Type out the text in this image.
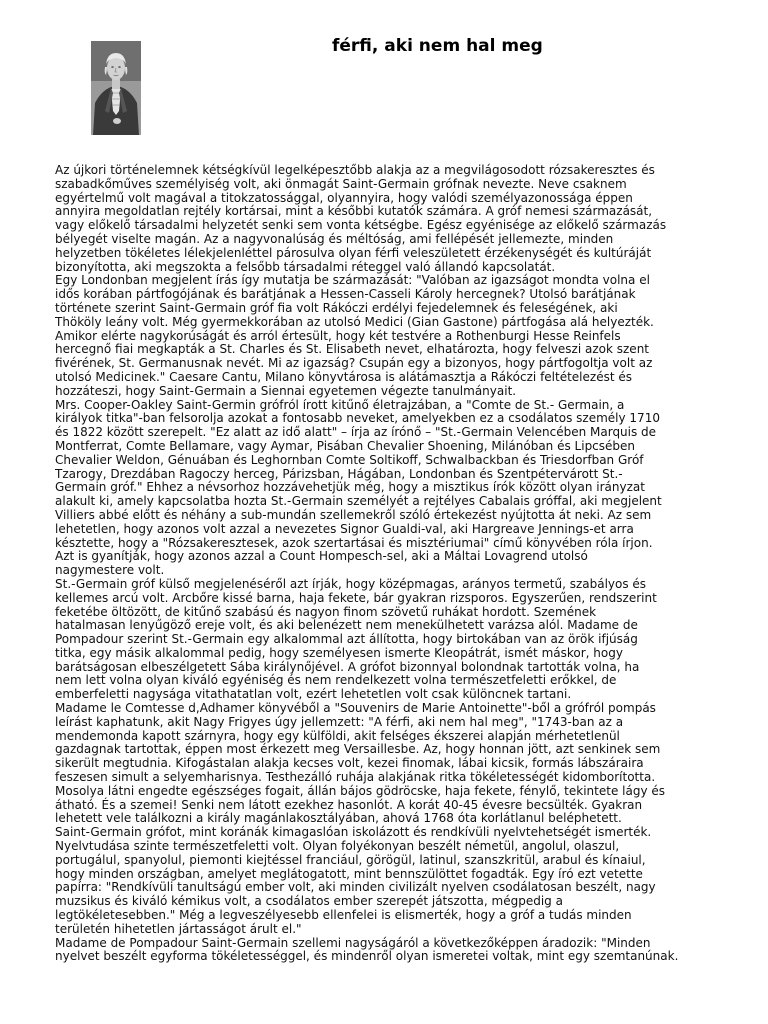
férfi, aki nem hal meg

Az újkori történelemnek kétségkívül legelképesztőbb alakja az a megvilágosodott rózsakeresztes és
szabadkőműves személyiség volt, aki önmagát Saint-Germain grófnak nevezte. Neve csaknem
egyértelmű volt magával a titokzatossággal, olyannyira, hogy valódi személyazonossága éppen
annyira megoldatlan rejtély kortársai, mint a későbbi kutatók számára. A gróf nemesi származását,
vagy előkelő társadalmi helyzetét senki sem vonta kétségbe. Egész egyénisége az előkelő származás
bélyegét viselte magán. Az a nagyvonalúság és méltóság, ami fellépését jellemezte, minden
helyzetben tökéletes lélekjelenléttel párosulva olyan férfi veleszületett érzékenységét és kultúráját
bizonyította, aki megszokta a felsőbb társadalmi réteggel való állandó kapcsolatát.

Egy Londonban megjelent írás így mutatja be származását: "Valóban az igazságot mondta volna el
idős korában pártfogójának és barátjának a Hessen-Casseli Károly hercegnek? Utolsó barátjának
története szerint Saint-Germain gróf fia volt Rákóczi erdélyi fejedelemnek és feleségének, aki
Thököly leány volt. Még gyermekkorában az utolsó Medici (Gian Gastone) pártfogása alá helyezték.
Amikor elérte nagykorúságát és arról értesült, hogy két testvére a Rothenburgi Hesse Reinfels
hercegnő fiai megkapták a St. Charles és St. Elisabeth nevet, elhatározta, hogy felveszi azok szent
fivérének, St. Germanusnak nevét. Mi az igazság? Csupán egy a bizonyos, hogy pártfogoltja volt az
utolsó Medicinek." Caesare Cantu, Milano könyvtárosa is alátámasztja a Rákóczi feltételezést és
hozzáteszi, hogy Saint-Germain a Siennai egyetemen végezte tanulmányait.

Mrs. Cooper-Oakley Saint-Germin grófról írott kitűnő életrajzában, a "Comte de St.- Germain, a
királyok titka"-ban felsorolja azokat a fontosabb neveket, amelyekben ez a csodálatos személy 1710
és 1822 között szerepelt. "Ez alatt az idő alatt" – írja az írónő – "St.-Germain Velencében Marquis de
Montferrat, Comte Bellamare, vagy Aymar, Pisában Chevalier Shoening, Milánóban és Lipcsében
Chevalier Weldon, Génuában és Leghornban Comte Soltikoff, Schwalbackban és Triesdorfban Gróf
Tzarogy, Drezdában Ragoczy herceg, Párizsban, Hágában, Londonban és Szentpétervárott St.-
Germain gróf." Ehhez a névsorhoz hozzávehetjük még, hogy a misztikus írók között olyan irányzat
alakult ki, amely kapcsolatba hozta St.-Germain személyét a rejtélyes Cabalais gróffal, aki megjelent
Villiers abbé előtt és néhány a sub-mundán szellemekről szóló értekezést nyújtotta át neki. Az sem
lehetetlen, hogy azonos volt azzal a nevezetes Signor Gualdi-val, aki Hargreave Jennings-et arra
késztette, hogy a "Rózsakeresztesek, azok szertartásai és misztériumai" című könyvében róla írjon.
Azt is gyanítják, hogy azonos azzal a Count Hompesch-sel, aki a Máltai Lovagrend utolsó
nagymestere volt.

St.-Germain gróf külső megjelenéséről azt írják, hogy középmagas, arányos termetű, szabályos és
kellemes arcú volt. Arcbőre kissé barna, haja fekete, bár gyakran rizsporos. Egyszerűen, rendszerint
feketébe öltözött, de kitűnő szabású és nagyon finom szövetű ruhákat hordott. Szemének
hatalmasan lenyűgöző ereje volt, és aki belenézett nem menekülhetett varázsa alól. Madame de
Pompadour szerint St.-Germain egy alkalommal azt állította, hogy birtokában van az örök ifjúság
titka, egy másik alkalommal pedig, hogy személyesen ismerte Kleopátrát, ismét máskor, hogy
barátságosan elbeszélgetett Sába királynőjével. A grófot bizonnyal bolondnak tartották volna, ha
nem lett volna olyan kiváló egyéniség és nem rendelkezett volna természetfeletti erőkkel, de
emberfeletti nagysága vitathatatlan volt, ezért lehetetlen volt csak különcnek tartani.

Madame le Comtesse d,Adhamer könyvéből a "Souvenirs de Marie Antoinette"-ből a grófról pompás
leírást kaphatunk, akit Nagy Frigyes úgy jellemzett: "A férfi, aki nem hal meg", "1743-ban az a
mendemonda kapott szárnyra, hogy egy külföldi, akit felséges ékszerei alapján mérhetetlenül
gazdagnak tartottak, éppen most érkezett meg Versaillesbe. Az, hogy honnan jött, azt senkinek sem
sikerült megtudnia. Kifogástalan alakja kecses volt, kezei finomak, lábai kicsik, formás lábszáraira
feszesen simult a selyemharisnya. Testhezálló ruhája alakjának ritka tökéletességét kidomborította.
Mosolya látni engedte egészséges fogait, állán bájos gödröcske, haja fekete, fénylő, tekintete lágy és
átható. És a szemei! Senki nem látott ezekhez hasonlót. A korát 40-45 évesre becsülték. Gyakran
lehetett vele találkozni a király magánlakosztályában, ahová 1768 óta korlátlanul beléphetett.
Saint-Germain grófot, mint koránák kimagaslóan iskolázott és rendkívüli nyelvtehetségét ismerték.
Nyelvtudása szinte természetfeletti volt. Olyan folyékonyan beszélt németül, angolul, olaszul,
portugálul, spanyolul, piemonti kiejtéssel franciául, görögül, latinul, szanszkritül, arabul és kínaiul,
hogy minden országban, amelyet meglátogatott, mint bennszülöttet fogadták. Egy író ezt vetette
papírra: "Rendkívüli tanultságú ember volt, aki minden civilizált nyelven csodálatosan beszélt, nagy
muzsikus és kiváló kémikus volt, a csodálatos ember szerepét játszotta, mégpedig a
legtökéletesebben." Még a legveszélyesebb ellenfelei is elismerték, hogy a gróf a tudás minden
területén hihetetlen jártasságot árult el."

Madame de Pompadour Saint-Germain szellemi nagyságáról a következőképpen áradozik: "Minden
nyelvet beszélt egyforma tökéletességgel, és mindenről olyan ismeretei voltak, mint egy szemtanúnak.
